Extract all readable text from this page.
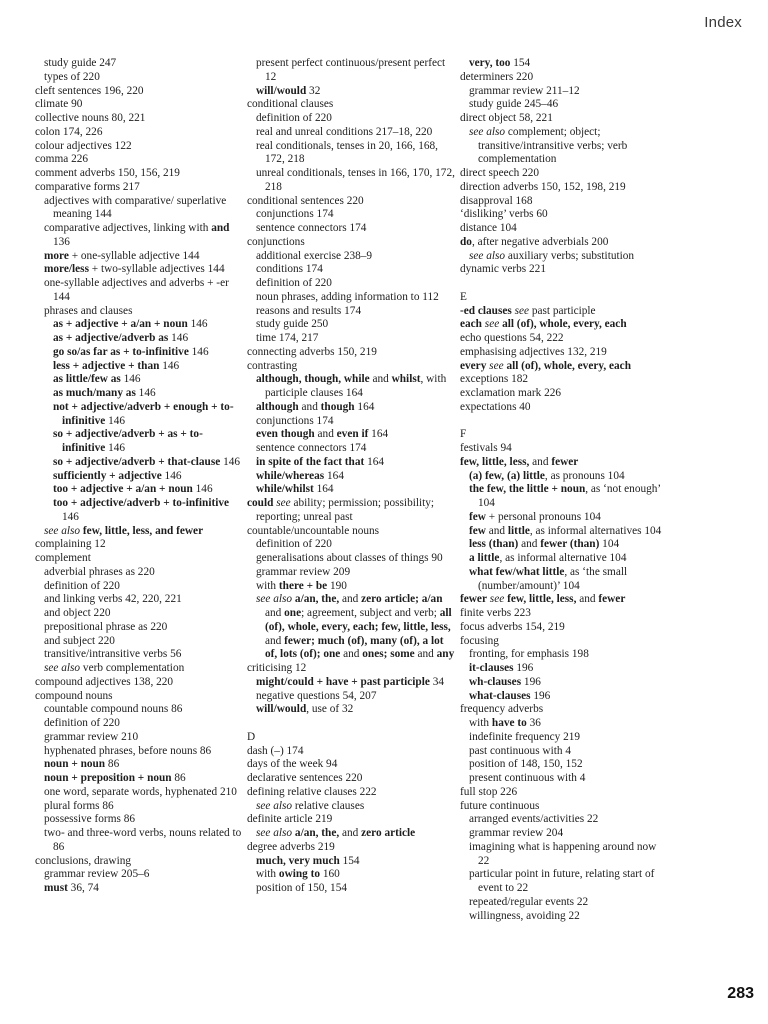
Index
study guide 247
types of 220
cleft sentences 196, 220
climate 90
collective nouns 80, 221
colon 174, 226
colour adjectives 122
comma 226
comment adverbs 150, 156, 219
comparative forms 217
adjectives with comparative/ superlative meaning 144
comparative adjectives, linking with and 136
more + one-syllable adjective 144
more/less + two-syllable adjectives 144
one-syllable adjectives and adverbs + -er 144
phrases and clauses
as + adjective + a/an + noun 146
as + adjective/adverb as 146
go so/as far as + to-infinitive 146
less + adjective + than 146
as little/few as 146
as much/many as 146
not + adjective/adverb + enough + to-infinitive 146
so + adjective/adverb + as + to-infinitive 146
so + adjective/adverb + that-clause 146
sufficiently + adjective 146
too + adjective + a/an + noun 146
too + adjective/adverb + to-infinitive 146
see also few, little, less, and fewer
complaining 12
complement
adverbial phrases as 220
definition of 220
and linking verbs 42, 220, 221
and object 220
prepositional phrase as 220
and subject 220
transitive/intransitive verbs 56
see also verb complementation
compound adjectives 138, 220
compound nouns
countable compound nouns 86
definition of 220
grammar review 210
hyphenated phrases, before nouns 86
noun + noun 86
noun + preposition + noun 86
one word, separate words, hyphenated 210
plural forms 86
possessive forms 86
two- and three-word verbs, nouns related to 86
conclusions, drawing
grammar review 205–6
must 36, 74
present perfect continuous/present perfect 12
will/would 32
conditional clauses
definition of 220
real and unreal conditions 217–18, 220
real conditionals, tenses in 20, 166, 168, 172, 218
unreal conditionals, tenses in 166, 170, 172, 218
conditional sentences 220
conjunctions 174
sentence connectors 174
conjunctions
additional exercise 238–9
conditions 174
definition of 220
noun phrases, adding information to 112
reasons and results 174
study guide 250
time 174, 217
connecting adverbs 150, 219
contrasting
although, though, while and whilst, with participle clauses 164
although and though 164
conjunctions 174
even though and even if 164
sentence connectors 174
in spite of the fact that 164
while/whereas 164
while/whilst 164
could see ability; permission; possibility; reporting; unreal past
countable/uncountable nouns
definition of 220
generalisations about classes of things 90
grammar review 209
with there + be 190
see also a/an, the, and zero article; a/an and one; agreement, subject and verb; all (of), whole, every, each; few, little, less, and fewer; much (of), many (of), a lot of, lots (of); one and ones; some and any
criticising 12
might/could + have + past participle 34
negative questions 54, 207
will/would, use of 32
D
dash (–) 174
days of the week 94
declarative sentences 220
defining relative clauses 222
see also relative clauses
definite article 219
see also a/an, the, and zero article
degree adverbs 219
much, very much 154
with owing to 160
position of 150, 154
very, too 154
determiners 220
grammar review 211–12
study guide 245–46
direct object 58, 221
see also complement; object; transitive/intransitive verbs; verb complementation
direct speech 220
direction adverbs 150, 152, 198, 219
disapproval 168
‘disliking’ verbs 60
distance 104
do, after negative adverbials 200
see also auxiliary verbs; substitution
dynamic verbs 221
E
-ed clauses see past participle
each see all (of), whole, every, each
echo questions 54, 222
emphasising adjectives 132, 219
every see all (of), whole, every, each
exceptions 182
exclamation mark 226
expectations 40
F
festivals 94
few, little, less, and fewer
(a) few, (a) little, as pronouns 104
the few, the little + noun, as ‘not enough’ 104
few + personal pronouns 104
few and little, as informal alternatives 104
less (than) and fewer (than) 104
a little, as informal alternative 104
what few/what little, as ‘the small (number/amount)’ 104
fewer see few, little, less, and fewer
finite verbs 223
focus adverbs 154, 219
focusing
fronting, for emphasis 198
it-clauses 196
wh-clauses 196
what-clauses 196
frequency adverbs
with have to 36
indefinite frequency 219
past continuous with 4
position of 148, 150, 152
present continuous with 4
full stop 226
future continuous
arranged events/activities 22
grammar review 204
imagining what is happening around now 22
particular point in future, relating start of event to 22
repeated/regular events 22
willingness, avoiding 22
283
